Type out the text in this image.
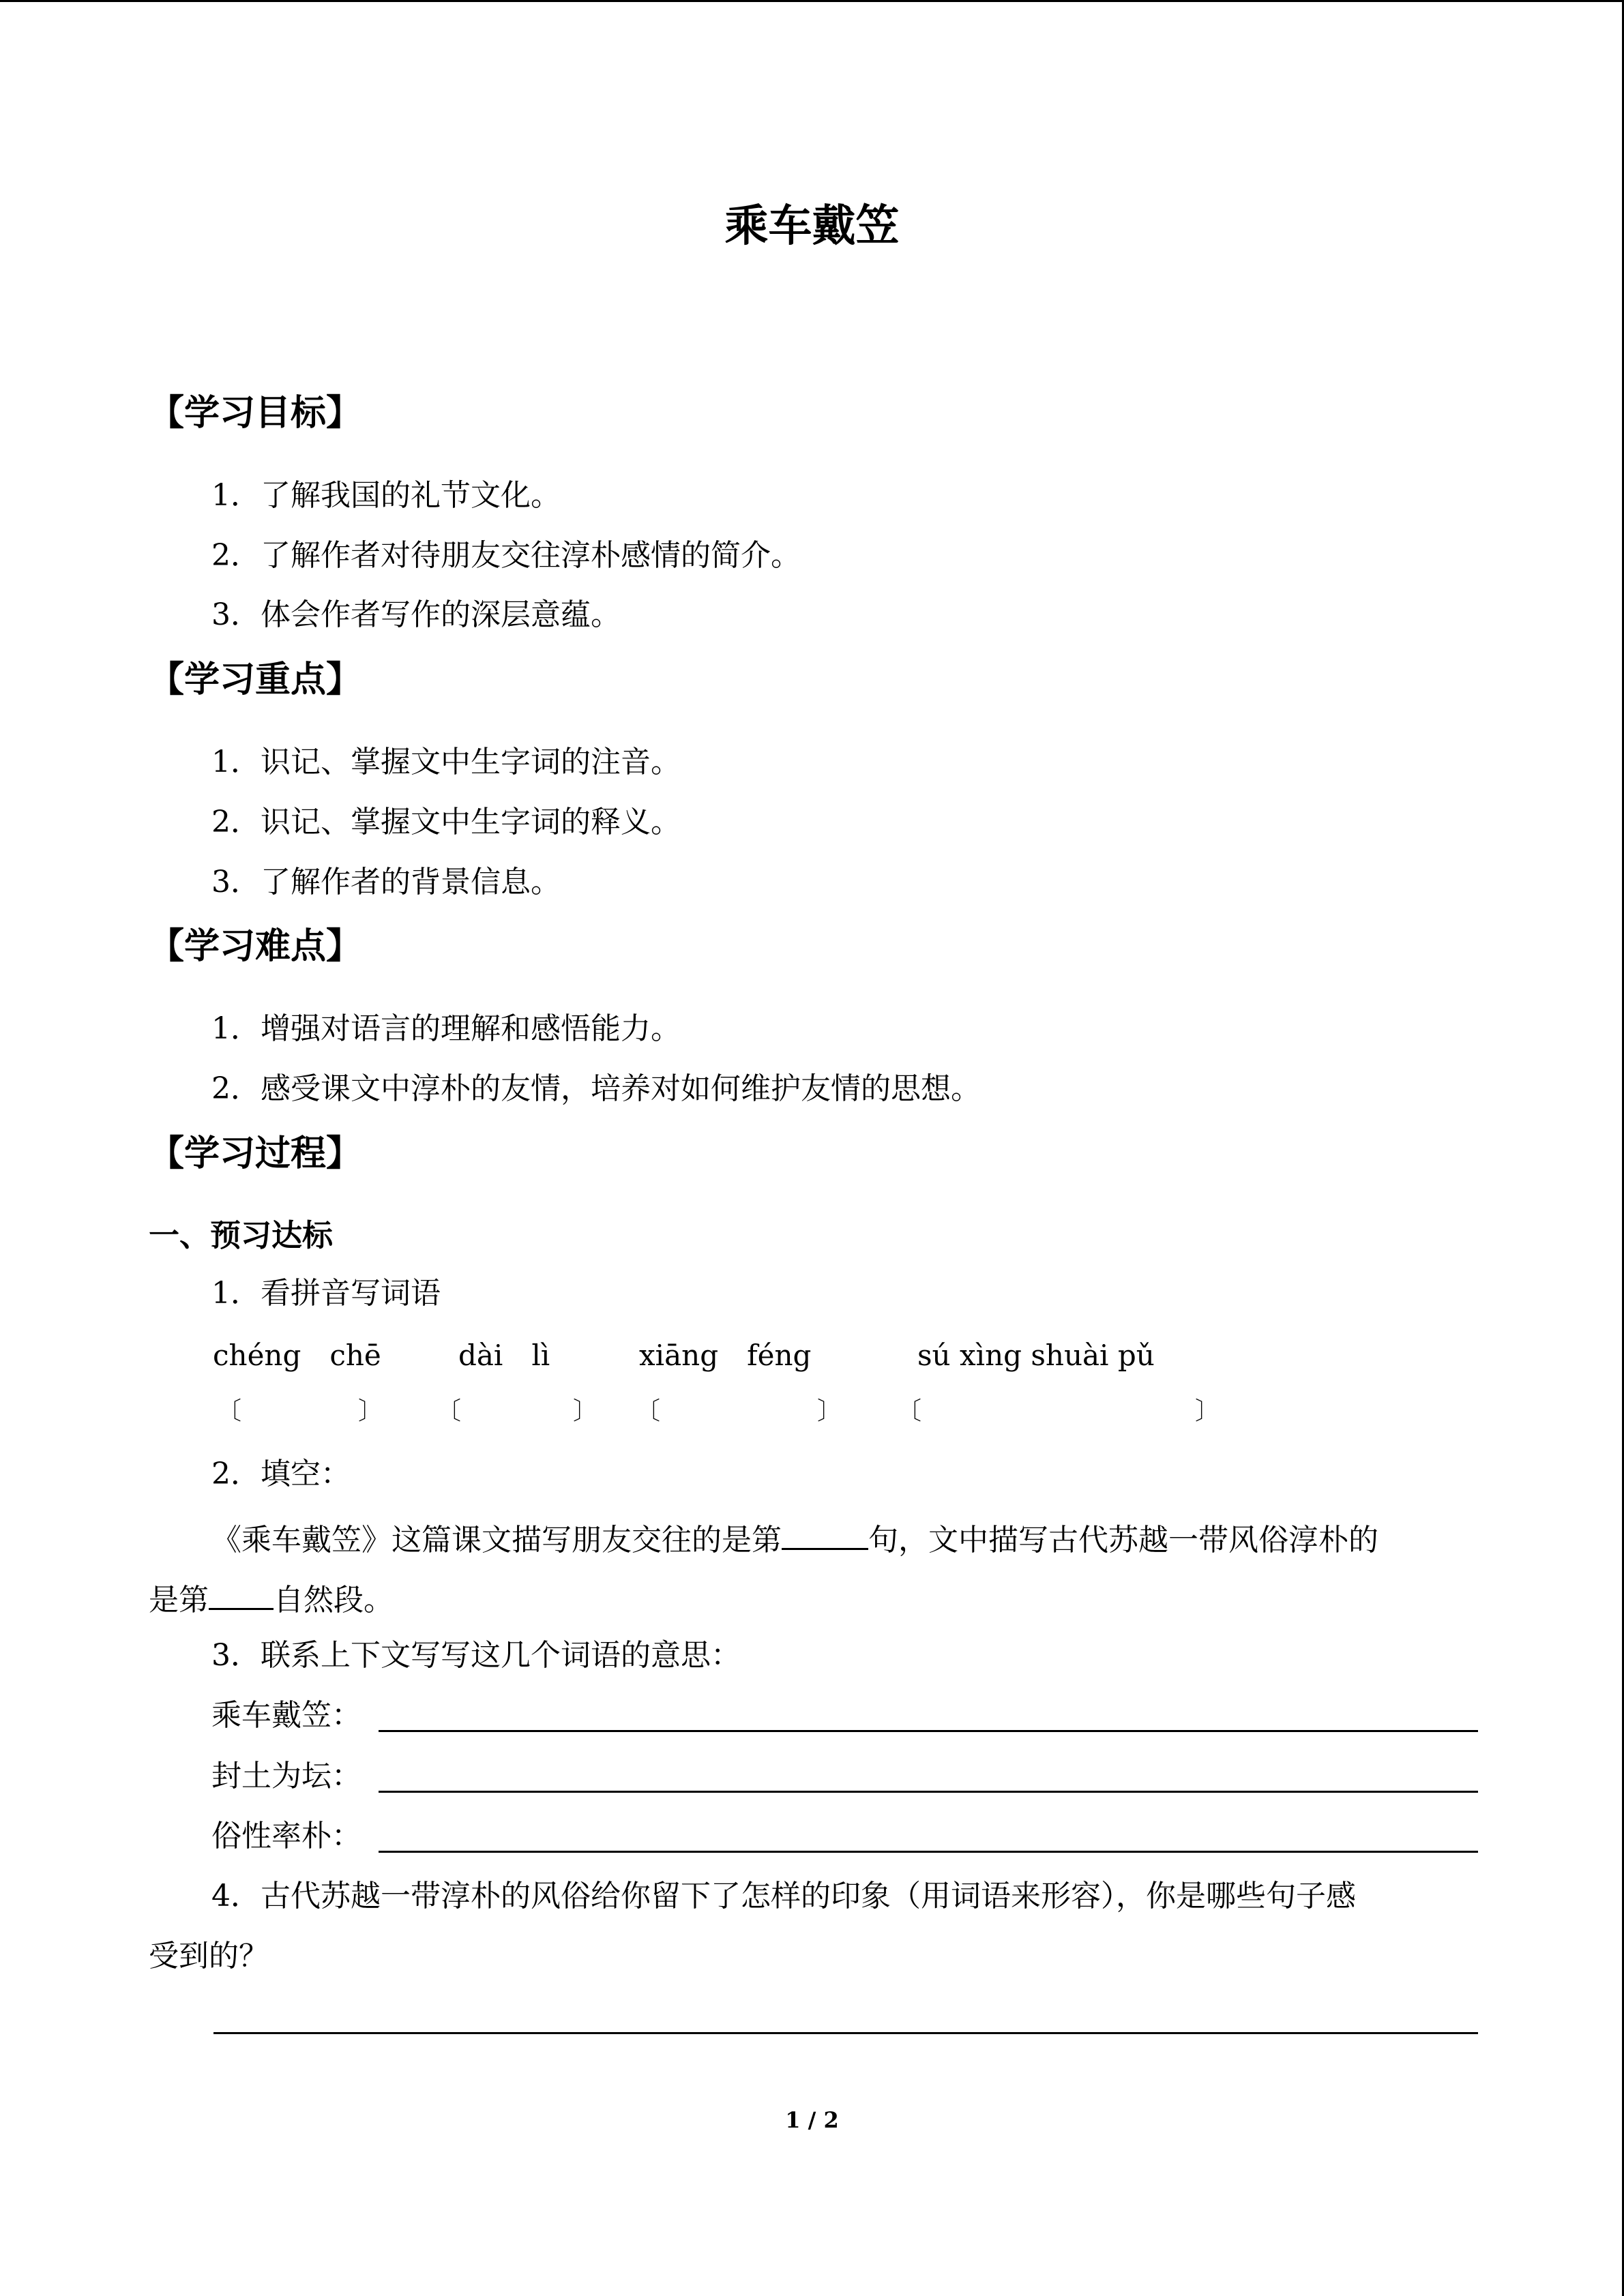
乘车戴笠
【学习目标】
1．了解我国的礼节文化。
2．了解作者对待朋友交往淳朴感情的简介。
3．体会作者写作的深层意蕴。
【学习重点】
1．识记、掌握文中生字词的注音。
2．识记、掌握文中生字词的释义。
3．了解作者的背景信息。
【学习难点】
1．增强对语言的理解和感悟能力。
2．感受课文中淳朴的友情，培养对如何维护友情的思想。
【学习过程】
一、预习达标
1．看拼音写词语
chéng　chē	dài　lì	xiāng　féng	sú xìng shuài pǔ
〔	〕 〔	〕 〔	〕 〔	〕
2．填空：
《乘车戴笠》这篇课文描写朋友交往的是第	句，文中描写古代苏越一带风俗淳朴的
是第 自然段。
3．联系上下文写写这几个词语的意思：
乘车戴笠：
封土为坛：
俗性率朴：
4．古代苏越一带淳朴的风俗给你留下了怎样的印象（用词语来形容），你是哪些句子感
受到的？
1 / 2
